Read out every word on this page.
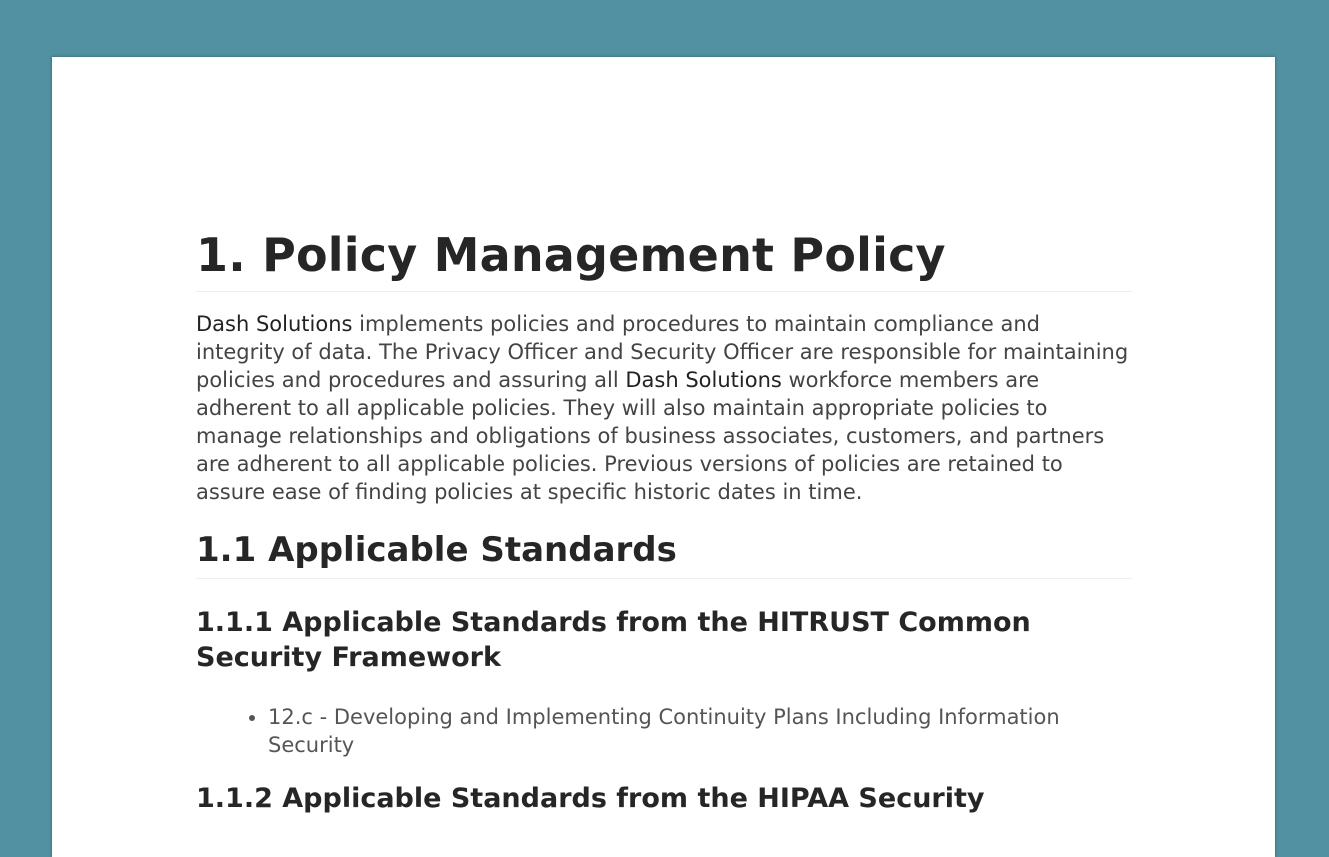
1. Policy Management Policy

Dash Solutions implements policies and procedures to maintain compliance and integrity of data. The Privacy Officer and Security Officer are responsible for maintaining policies and procedures and assuring all Dash Solutions workforce members are adherent to all applicable policies. They will also maintain appropriate policies to manage relationships and obligations of business associates, customers, and partners are adherent to all applicable policies. Previous versions of policies are retained to assure ease of finding policies at specific historic dates in time.

1.1 Applicable Standards
1.1.1 Applicable Standards from the HITRUST Common Security Framework
• 12.c - Developing and Implementing Continuity Plans Including Information Security
1.1.2 Applicable Standards from the HIPAA Security
